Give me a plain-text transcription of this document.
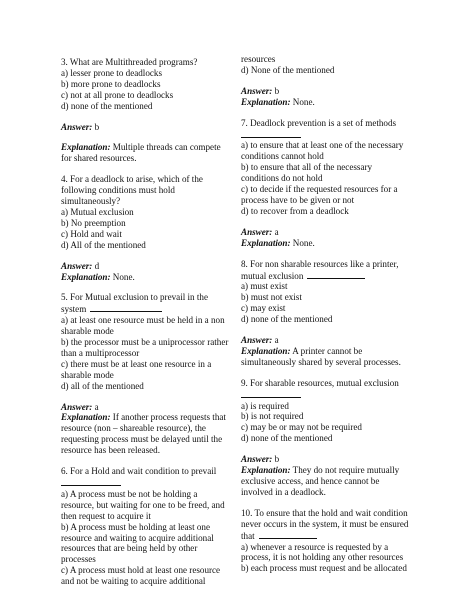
3. What are Multithreaded programs?
a) lesser prone to deadlocks
b) more prone to deadlocks
c) not at all prone to deadlocks
d) none of the mentioned
Answer: b
Explanation: Multiple threads can compete
for shared resources.
4. For a deadlock to arise, which of the
following conditions must hold
simultaneously?
a) Mutual exclusion
b) No preemption
c) Hold and wait
d) All of the mentioned
Answer: d
Explanation: None.
5. For Mutual exclusion to prevail in the
system
a) at least one resource must be held in a non
sharable mode
b) the processor must be a uniprocessor rather
than a multiprocessor
c) there must be at least one resource in a
sharable mode
d) all of the mentioned
Answer: a
Explanation: If another process requests that
resource (non – shareable resource), the
requesting process must be delayed until the
resource has been released.
6. For a Hold and wait condition to prevail
a) A process must be not be holding a
resource, but waiting for one to be freed, and
then request to acquire it
b) A process must be holding at least one
resource and waiting to acquire additional
resources that are being held by other
processes
c) A process must hold at least one resource
and not be waiting to acquire additional
resources
d) None of the mentioned
Answer: b
Explanation: None.
7. Deadlock prevention is a set of methods
a) to ensure that at least one of the necessary
conditions cannot hold
b) to ensure that all of the necessary
conditions do not hold
c) to decide if the requested resources for a
process have to be given or not
d) to recover from a deadlock
Answer: a
Explanation: None.
8. For non sharable resources like a printer,
mutual exclusion
a) must exist
b) must not exist
c) may exist
d) none of the mentioned
Answer: a
Explanation: A printer cannot be
simultaneously shared by several processes.
9. For sharable resources, mutual exclusion
a) is required
b) is not required
c) may be or may not be required
d) none of the mentioned
Answer: b
Explanation: They do not require mutually
exclusive access, and hence cannot be
involved in a deadlock.
10. To ensure that the hold and wait condition
never occurs in the system, it must be ensured
that
a) whenever a resource is requested by a
process, it is not holding any other resources
b) each process must request and be allocated
